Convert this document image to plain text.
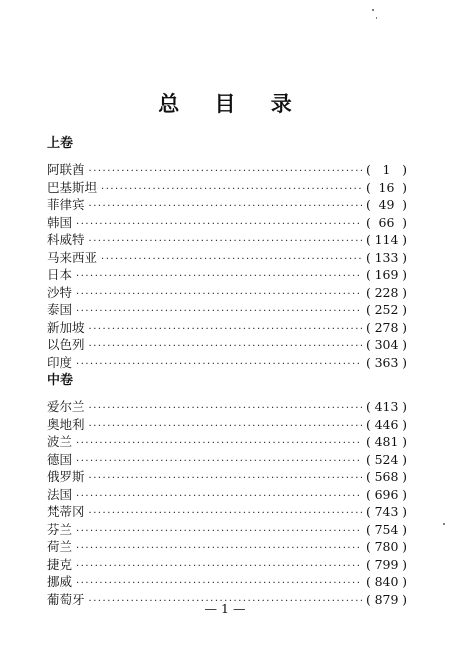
总 目 录
上卷
阿联酋 ·····	( 1 )
巴基斯坦 ·····	( 16 )
菲律宾 ·····	( 49 )
韩国 ·····	( 66 )
科威特 ·····	( 114 )
马来西亚 ·····	( 133 )
日本 ·····	( 169 )
沙特 ·····	( 228 )
泰国 ·····	( 252 )
新加坡 ·····	( 278 )
以色列 ·····	( 304 )
印度 ·····	( 363 )
中卷
爱尔兰 ·····	( 413 )
奥地利 ·····	( 446 )
波兰 ·····	( 481 )
德国 ·····	( 524 )
俄罗斯 ·····	( 568 )
法国 ·····	( 696 )
梵蒂冈 ·····	( 743 )
芬兰 ·····	( 754 )
荷兰 ·····	( 780 )
捷克 ·····	( 799 )
挪威 ·····	( 840 )
葡萄牙 ·····	( 879 )
— 1 —
